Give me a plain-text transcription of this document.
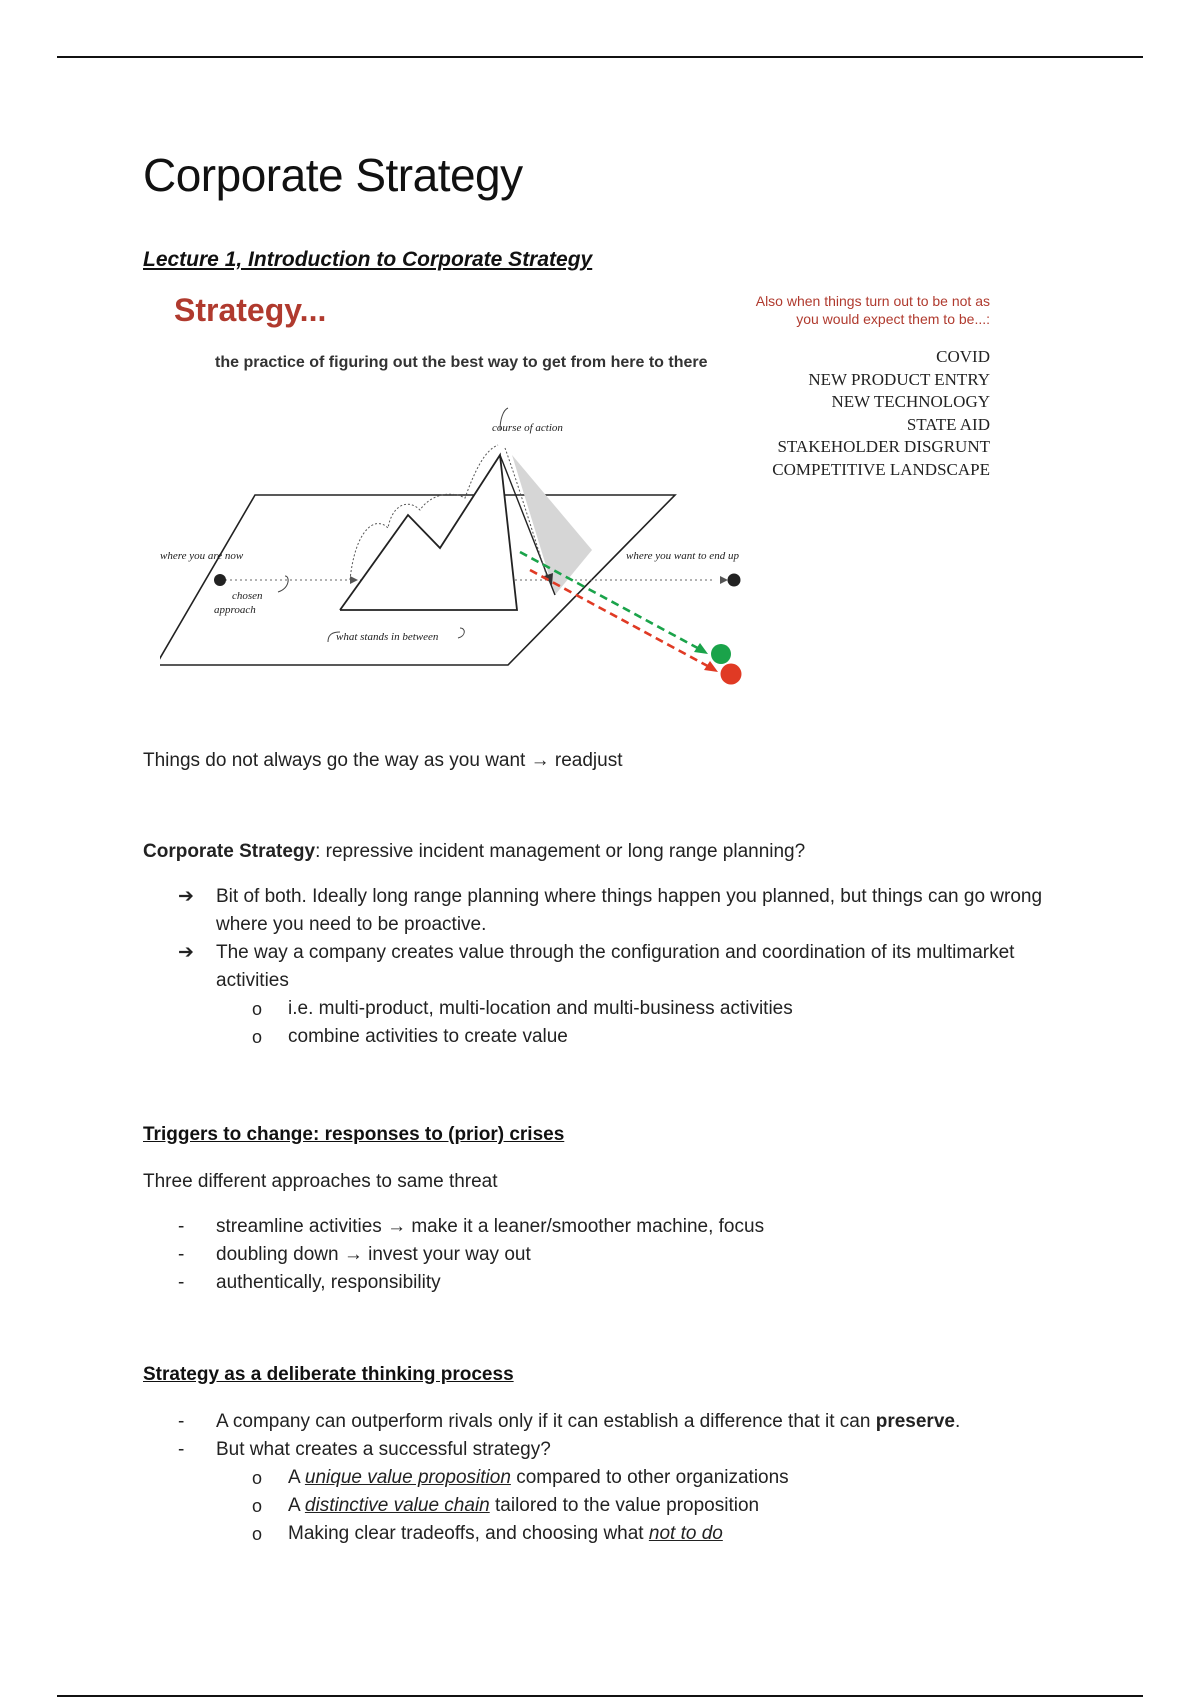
Corporate Strategy
Lecture 1, Introduction to Corporate Strategy
Strategy...
the practice of figuring out the best way to get from here to there
Also when things turn out to be not as
you would expect them to be...:
COVID
NEW PRODUCT ENTRY
NEW TECHNOLOGY
STATE AID
STAKEHOLDER DISGRUNT
COMPETITIVE LANDSCAPE
course of action
where you are now	where you want to end up
chosen
approach
what stands in between
Things do not always go the way as you want → readjust
Corporate Strategy: repressive incident management or long range planning?
➔ Bit of both. Ideally long range planning where things happen you planned, but things can go wrong where you need to be proactive.
➔ The way a company creates value through the configuration and coordination of its multimarket activities
o i.e. multi-product, multi-location and multi-business activities
o combine activities to create value
Triggers to change: responses to (prior) crises
Three different approaches to same threat
- streamline activities → make it a leaner/smoother machine, focus
- doubling down → invest your way out
- authentically, responsibility
Strategy as a deliberate thinking process
- A company can outperform rivals only if it can establish a difference that it can preserve.
- But what creates a successful strategy?
o A unique value proposition compared to other organizations
o A distinctive value chain tailored to the value proposition
o Making clear tradeoffs, and choosing what not to do
